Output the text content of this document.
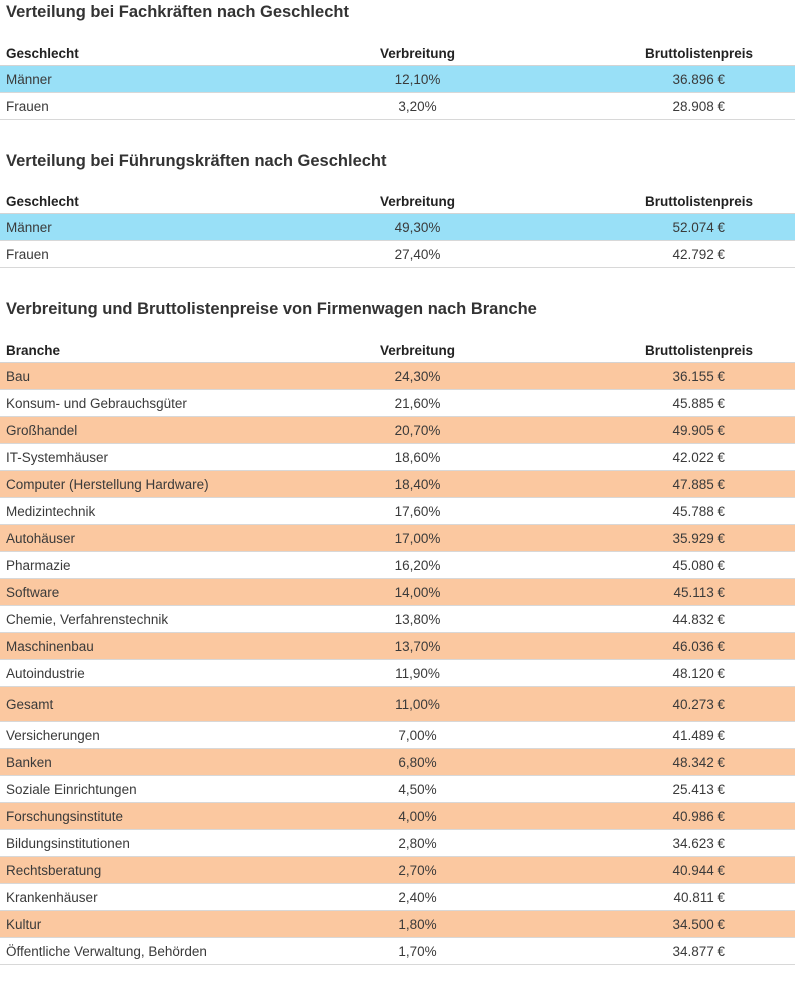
Verteilung bei Fachkräften nach Geschlecht
Geschlecht	Verbreitung	Bruttolistenpreis
Männer	12,10%	36.896 €
Frauen	3,20%	28.908 €
Verteilung bei Führungskräften nach Geschlecht
Geschlecht	Verbreitung	Bruttolistenpreis
Männer	49,30%	52.074 €
Frauen	27,40%	42.792 €
Verbreitung und Bruttolistenpreise von Firmenwagen nach Branche
Branche	Verbreitung	Bruttolistenpreis
Bau	24,30%	36.155 €
Konsum- und Gebrauchsgüter	21,60%	45.885 €
Großhandel	20,70%	49.905 €
IT-Systemhäuser	18,60%	42.022 €
Computer (Herstellung Hardware)	18,40%	47.885 €
Medizintechnik	17,60%	45.788 €
Autohäuser	17,00%	35.929 €
Pharmazie	16,20%	45.080 €
Software	14,00%	45.113 €
Chemie, Verfahrenstechnik	13,80%	44.832 €
Maschinenbau	13,70%	46.036 €
Autoindustrie	11,90%	48.120 €
Gesamt	11,00%	40.273 €
Versicherungen	7,00%	41.489 €
Banken	6,80%	48.342 €
Soziale Einrichtungen	4,50%	25.413 €
Forschungsinstitute	4,00%	40.986 €
Bildungsinstitutionen	2,80%	34.623 €
Rechtsberatung	2,70%	40.944 €
Krankenhäuser	2,40%	40.811 €
Kultur	1,80%	34.500 €
Öffentliche Verwaltung, Behörden	1,70%	34.877 €
